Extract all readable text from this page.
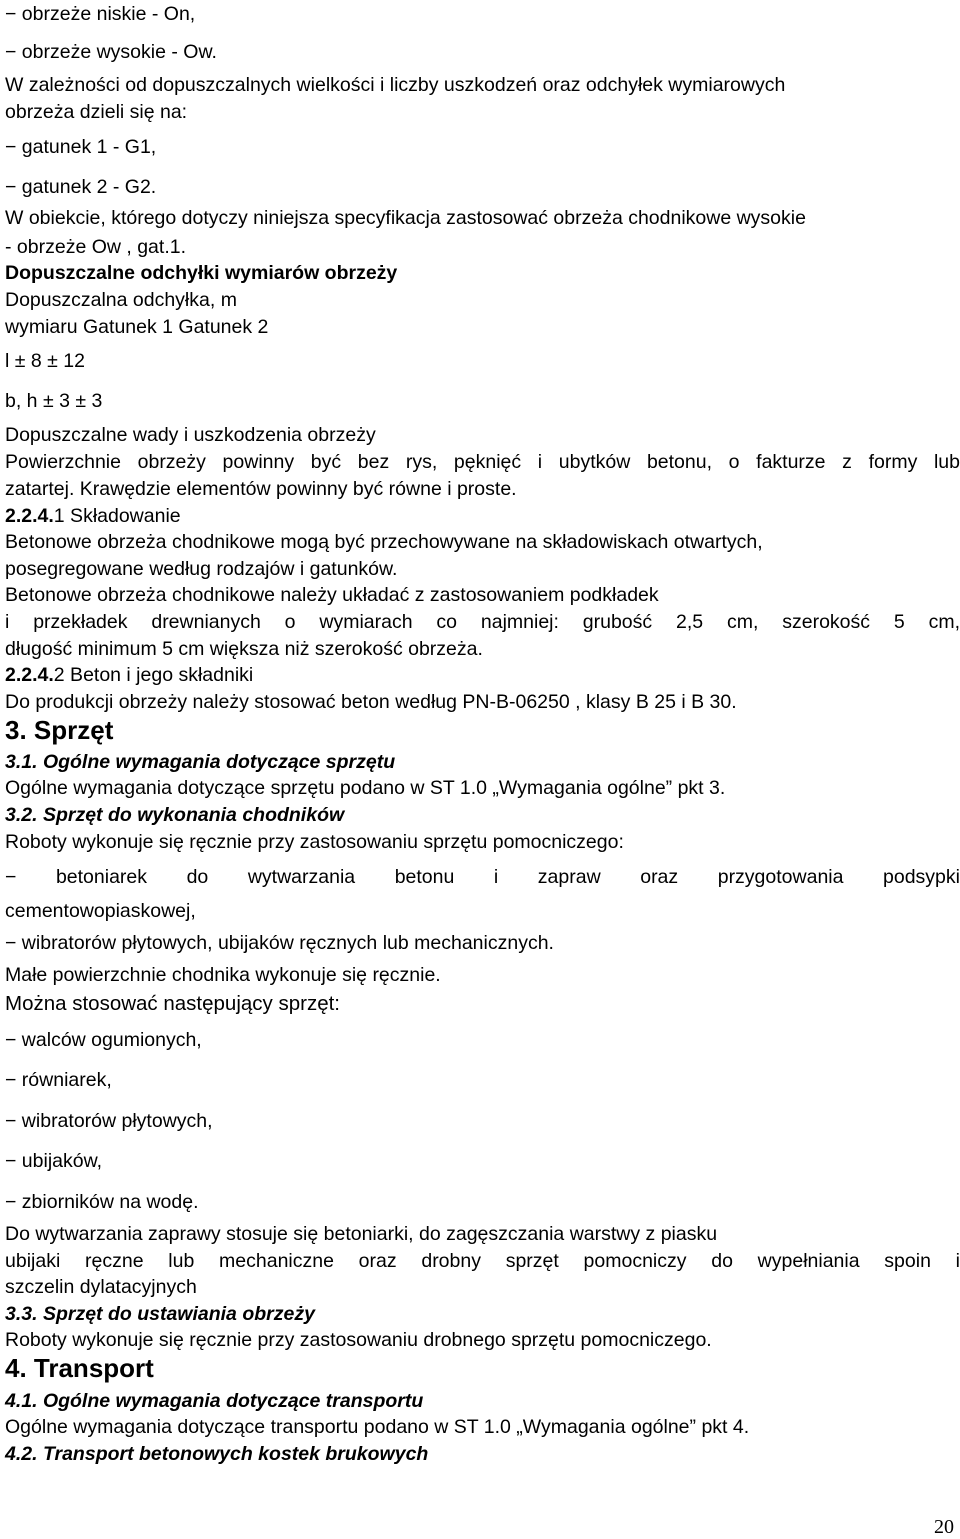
− obrzeże niskie - On,
− obrzeże wysokie - Ow.
W zależności od dopuszczalnych wielkości i liczby uszkodzeń oraz odchyłek wymiarowych
obrzeża dzieli się na:
− gatunek 1 - G1,
− gatunek 2 - G2.
W obiekcie, którego dotyczy niniejsza specyfikacja zastosować obrzeża chodnikowe wysokie
- obrzeże Ow , gat.1.
Dopuszczalne odchyłki wymiarów obrzeży
Dopuszczalna odchyłka, m
wymiaru Gatunek 1 Gatunek 2
l ± 8 ± 12
b, h ± 3 ± 3
Dopuszczalne wady i uszkodzenia obrzeży
Powierzchnie obrzeży powinny być bez rys, pęknięć i ubytków betonu, o fakturze z formy lub
zatartej. Krawędzie elementów powinny być równe i proste.
2.2.4.1 Składowanie
Betonowe obrzeża chodnikowe mogą być przechowywane na składowiskach otwartych,
posegregowane według rodzajów i gatunków.
Betonowe obrzeża chodnikowe należy układać z zastosowaniem podkładek
i przekładek drewnianych o wymiarach co najmniej: grubość 2,5 cm, szerokość 5 cm,
długość minimum 5 cm większa niż szerokość obrzeża.
2.2.4.2 Beton i jego składniki
Do produkcji obrzeży należy stosować beton według PN-B-06250 , klasy B 25 i B 30.
3. Sprzęt
3.1. Ogólne wymagania dotyczące sprzętu
Ogólne wymagania dotyczące sprzętu podano w ST 1.0 „Wymagania ogólne” pkt 3.
3.2. Sprzęt do wykonania chodników
Roboty wykonuje się ręcznie przy zastosowaniu sprzętu pomocniczego:
− betoniarek do wytwarzania betonu i zapraw oraz przygotowania podsypki
cementowopiaskowej,
− wibratorów płytowych, ubijaków ręcznych lub mechanicznych.
Małe powierzchnie chodnika wykonuje się ręcznie.
Można stosować następujący sprzęt:
− walców ogumionych,
− równiarek,
− wibratorów płytowych,
− ubijaków,
− zbiorników na wodę.
Do wytwarzania zaprawy stosuje się betoniarki, do zagęszczania warstwy z piasku
ubijaki ręczne lub mechaniczne oraz drobny sprzęt pomocniczy do wypełniania spoin i
szczelin dylatacyjnych
3.3. Sprzęt do ustawiania obrzeży
Roboty wykonuje się ręcznie przy zastosowaniu drobnego sprzętu pomocniczego.
4. Transport
4.1. Ogólne wymagania dotyczące transportu
Ogólne wymagania dotyczące transportu podano w ST 1.0 „Wymagania ogólne” pkt 4.
4.2. Transport betonowych kostek brukowych
20
